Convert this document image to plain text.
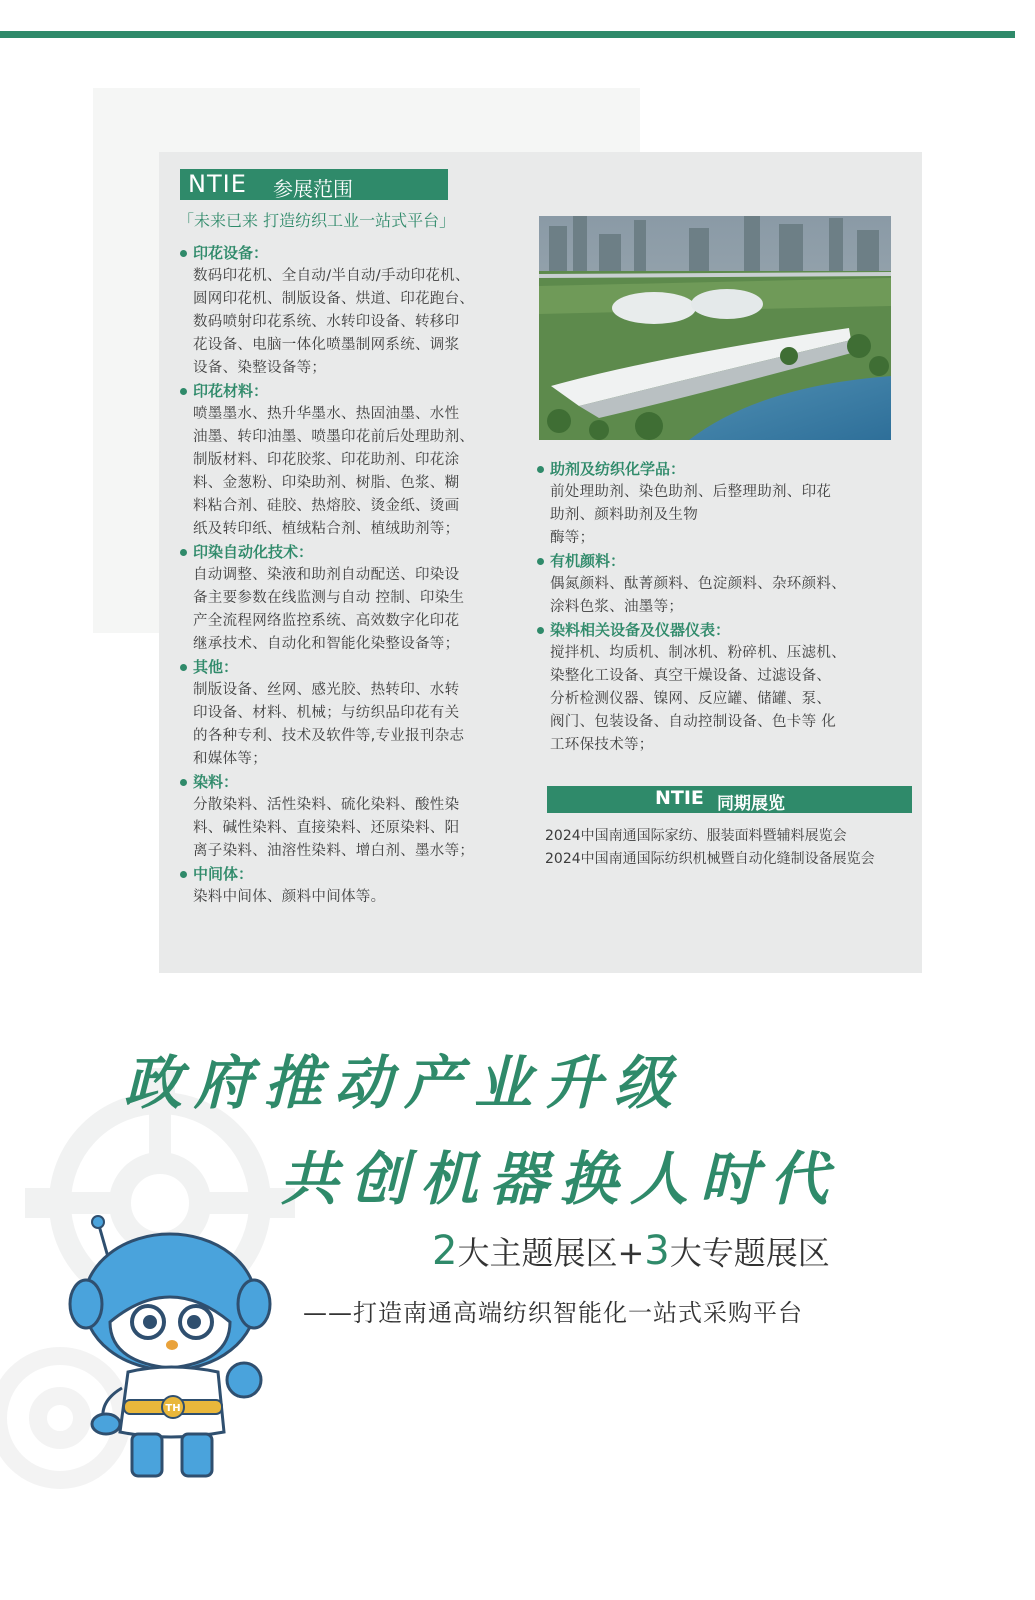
NTIE 参展范围
「未来已来 打造纺织工业一站式平台」
印花设备：
数码印花机、全自动/半自动/手动印花机、
圆网印花机、制版设备、烘道、印花跑台、
数码喷射印花系统、水转印设备、转移印
花设备、电脑一体化喷墨制网系统、调浆
设备、染整设备等；
印花材料：
喷墨墨水、热升华墨水、热固油墨、水性
油墨、转印油墨、喷墨印花前后处理助剂、
制版材料、印花胶浆、印花助剂、印花涂
料、金葱粉、印染助剂、树脂、色浆、糊
料粘合剂、硅胶、热熔胶、烫金纸、烫画
纸及转印纸、植绒粘合剂、植绒助剂等；
印染自动化技术：
自动调整、染液和助剂自动配送、印染设
备主要参数在线监测与自动 控制、印染生
产全流程网络监控系统、高效数字化印花
继承技术、自动化和智能化染整设备等；
其他：
制版设备、丝网、感光胶、热转印、水转
印设备、材料、机械；与纺织品印花有关
的各种专利、技术及软件等,专业报刊杂志
和媒体等；
染料：
分散染料、活性染料、硫化染料、酸性染
料、碱性染料、直接染料、还原染料、阳
离子染料、油溶性染料、增白剂、墨水等；
中间体：
染料中间体、颜料中间体等。
助剂及纺织化学品：
前处理助剂、染色助剂、后整理助剂、印花
助剂、颜料助剂及生物
酶等；
有机颜料：
偶氮颜料、酞菁颜料、色淀颜料、杂环颜料、
涂料色浆、油墨等；
染料相关设备及仪器仪表：
搅拌机、均质机、制冰机、粉碎机、压滤机、
染整化工设备、真空干燥设备、过滤设备、
分析检测仪器、镍网、反应罐、储罐、泵、
阀门、包装设备、自动控制设备、色卡等 化
工环保技术等；
NTIE 同期展览
2024中国南通国际家纺、服装面料暨辅料展览会
2024中国南通国际纺织机械暨自动化缝制设备展览会
政府推动产业升级
共创机器换人时代
2大主题展区+3大专题展区
——打造南通高端纺织智能化一站式采购平台
TH
